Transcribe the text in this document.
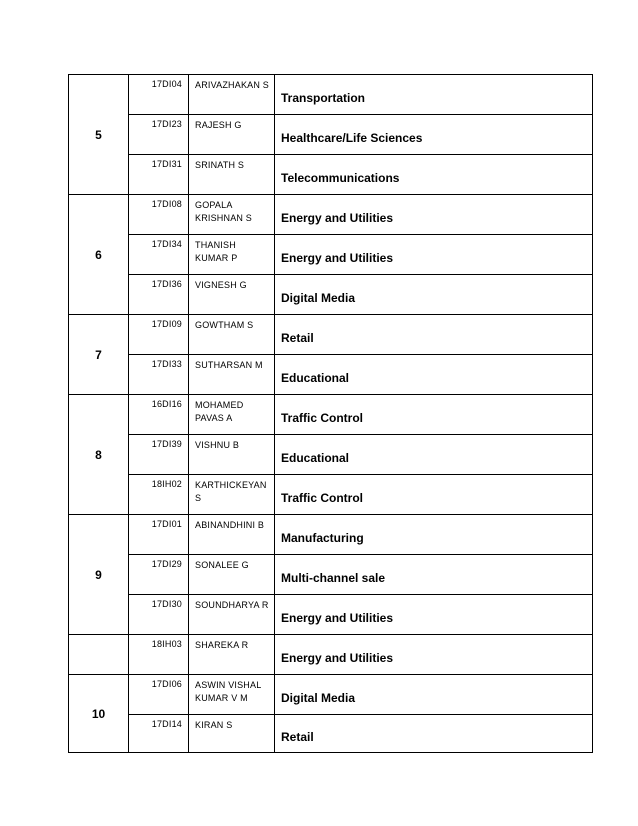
5	17DI04	ARIVAZHAKAN S	Transportation
	17DI23	RAJESH G	Healthcare/Life Sciences
	17DI31	SRINATH S	Telecommunications
6	17DI08	GOPALA KRISHNAN S	Energy and Utilities
	17DI34	THANISH KUMAR P	Energy and Utilities
	17DI36	VIGNESH G	Digital Media
7	17DI09	GOWTHAM S	Retail
	17DI33	SUTHARSAN M	Educational
8	16DI16	MOHAMED PAVAS A	Traffic Control
	17DI39	VISHNU B	Educational
	18IH02	KARTHICKEYAN S	Traffic Control
9	17DI01	ABINANDHINI B	Manufacturing
	17DI29	SONALEE G	Multi-channel sale
	17DI30	SOUNDHARYA R	Energy and Utilities
	18IH03	SHAREKA R	Energy and Utilities
10	17DI06	ASWIN VISHAL KUMAR V M	Digital Media
	17DI14	KIRAN S	Retail
